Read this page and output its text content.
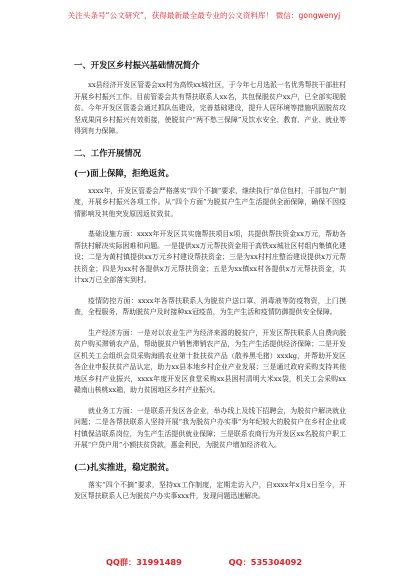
关注头条号“公文研究”，获得最新最全最专业的公文资料库！ 微信：gongwenyj
一、开发区乡村振兴基础情况简介

xx县经济开发区管委会xx村为高铁xx城社区，于今年七月选派一名优秀帮扶干部驻村开展乡村振兴工作。目前管委会共有帮扶联系人xx名，共包保脱贫户xx户，已全部实现脱贫。今年开发区管委会通过抓队伍建设，完善基础建设，提升人居环境等措施巩固脱贫攻坚成果同乡村振兴有效衔接，使脱贫户“两不愁三保障”及饮水安全、教育、产业、就业等得到有力保障。

二、工作开展情况
(一)面上保障，拒绝返贫。

xxxx年，开发区管委会严格落实“四个不摘”要求，继续执行“单位包村，干部包户”制度，开展乡村振兴各项工作。从“四个方面”为脱贫户生产生活提供全面保障，确保不因疫情影响及其他突发原因返贫致贫。

基础设施方面：xxxx年开发区共实施帮扶项目x项，共提供帮扶资金xx万元，帮助各帮扶村解决实际困难和问题。一是提供xx万元帮扶资金用于高铁xx城社区村组内集镇化建设；二是为黄村镇提供xx万元乡村建设帮扶资金；三是为xx村村庄整治建设提供x万元帮扶资金；四是为xx村各提供x万元帮扶资金；五是为xx镇xx村各提供x万元帮扶资金，共计xx万已全部落实到村。

疫情防控方面：xxxx年各帮扶联系人为脱贫户送口罩、消毒液等防疫物资，上门摸查，全程服务，帮助脱贫户及时接种xx冠疫苗，为生产生活和疫情防御提供安全保障。

生产经济方面：一是对以农业生产为经济来源的脱贫户，开发区帮扶联系人自费向脱贫户购买滞销农产品，帮助脱贫户销售滞销农产品，为生产生活提供经济保障；二是开发区机关工会组织会员采购海鸥农业第十批扶贫产品（散养黑毛猪）xxxkg，并帮助开发区各企业申报扶贫产品认定，助力xx县本地乡村企业产业发展；三是通过政府采购支持其他地区乡村产业振兴，xxxx年度开发区食堂采购xx县困村清明大米xx袋，机关工会采购xx赣南山核桃xx箱，助力贫困地区乡村产业振兴。

就业务工方面：一是联系开发区各企业，举办线上及线下招聘会，为脱贫户解决就业问题；二是各帮扶联系人坚持开展“我为脱贫户办实事”为年纪较大的脱贫户在乡村企业或村镇保洁联系岗位，为生产生活提供就业保障；三是联系农商行为开发区xx名脱贫户职工开展“户贷户用”小额扶贫贷款，惠金利民，为脱贫户增加经济收入。

(二)扎实推进，稳定脱贫。

落实“四个不摘”要求，坚持xx工作制度，定期走访入户，自xxxx年x月x日至今，开发区帮扶联系人已为脱贫户办实事xxx件，发现问题迅速解决。

QQ群：31991489	QQ：535304092
